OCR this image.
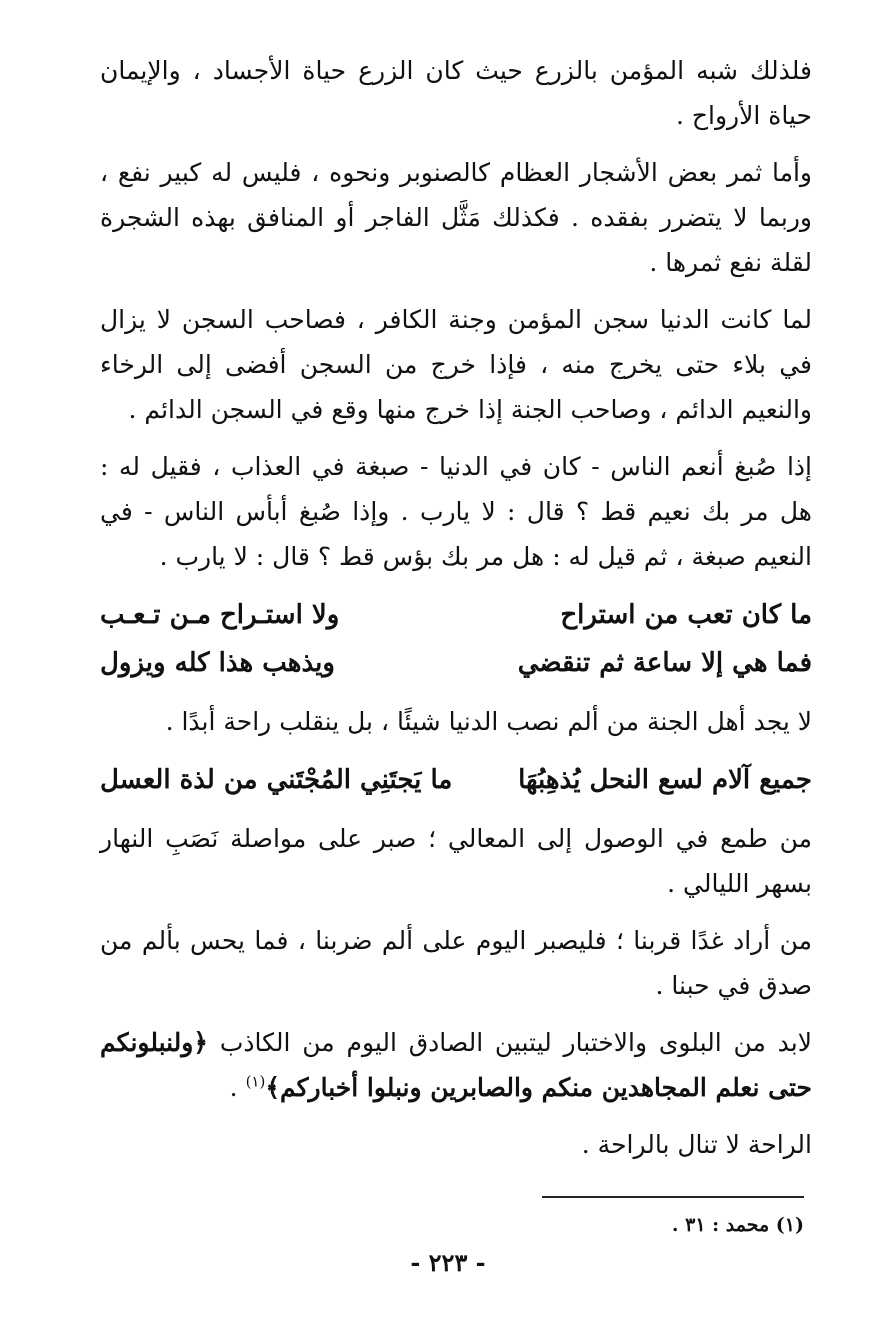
فلذلك شبه المؤمن بالزرع حيث كان الزرع حياة الأجساد ، والإيمان حياة الأرواح .

وأما ثمر بعض الأشجار العظام كالصنوبر ونحوه ، فليس له كبير نفع ، وربما لا يتضرر بفقده . فكذلك مَثَّل الفاجر أو المنافق بهذه الشجرة لقلة نفع ثمرها .

لما كانت الدنيا سجن المؤمن وجنة الكافر ، فصاحب السجن لا يزال في بلاء حتى يخرج منه ، فإذا خرج من السجن أفضى إلى الرخاء والنعيم الدائم ، وصاحب الجنة إذا خرج منها وقع في السجن الدائم .

إذا صُبغ أنعم الناس - كان في الدنيا - صبغة في العذاب ، فقيل له : هل مر بك نعيم قط ؟ قال : لا يارب . وإذا صُبغ أبأس الناس - في النعيم صبغة ، ثم قيل له : هل مر بك بؤس قط ؟ قال : لا يارب .

ما كان تعب من استراح
ولا استـراح مـن تـعـب
فما هي إلا ساعة ثم تنقضي
ويذهب هذا كله ويزول

لا يجد أهل الجنة من ألم نصب الدنيا شيئًا ، بل ينقلب راحة أبدًا .

جميع آلام لسع النحل يُذهِبُهَا
ما يَجتَنِي المُجْتَني من لذة العسل

من طمع في الوصول إلى المعالي ؛ صبر على مواصلة نَصَبِ النهار بسهر الليالي .

من أراد غدًا قربنا ؛ فليصبر اليوم على ألم ضربنا ، فما يحس بألم من صدق في حبنا .

لابد من البلوى والاختبار ليتبين الصادق اليوم من الكاذب ﴿ولنبلونكم حتى نعلم المجاهدين منكم والصابرين ونبلوا أخباركم﴾$^{(١)}$ .

الراحة لا تنال بالراحة .

(١) محمد : ٣١ .
- ٢٢٣ -
